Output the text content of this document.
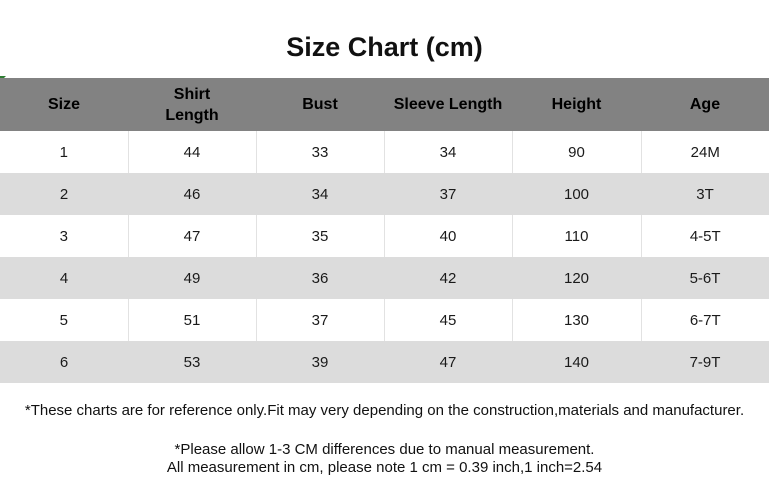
Size Chart (cm)
Size	Shirt Length	Bust	Sleeve Length	Height	Age
1	44	33	34	90	24M
2	46	34	37	100	3T
3	47	35	40	110	4-5T
4	49	36	42	120	5-6T
5	51	37	45	130	6-7T
6	53	39	47	140	7-9T
*These charts are for reference only.Fit may very depending on the construction,materials and manufacturer.
*Please allow 1-3 CM differences due to manual measurement.
All measurement in cm, please note 1 cm = 0.39 inch,1 inch=2.54
